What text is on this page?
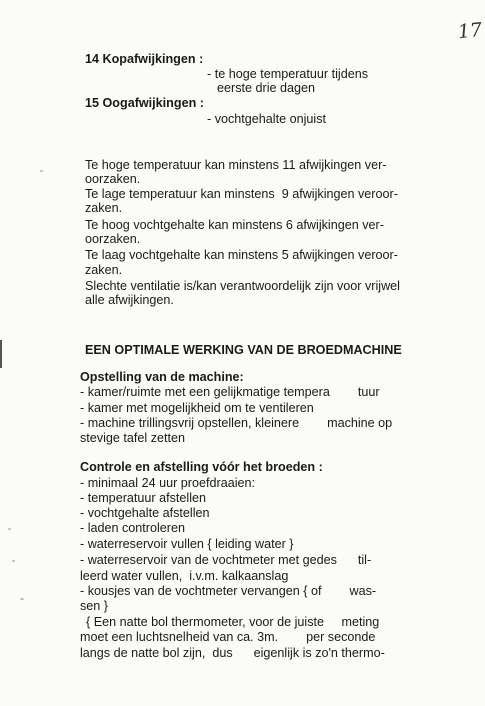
17
14 Kopafwijkingen :
- te hoge temperatuur tijdens
eerste drie dagen
15 Oogafwijkingen :
- vochtgehalte onjuist
Te hoge temperatuur kan minstens 11 afwijkingen ver-
oorzaken.
Te lage temperatuur kan minstens  9 afwijkingen veroor-
zaken.
Te hoog vochtgehalte kan minstens 6 afwijkingen ver-
oorzaken.
Te laag vochtgehalte kan minstens 5 afwijkingen veroor-
zaken.
Slechte ventilatie is/kan verantwoordelijk zijn voor vrijwel
alle afwijkingen.
EEN OPTIMALE WERKING VAN DE BROEDMACHINE
Opstelling van de machine:
- kamer/ruimte met een gelijkmatige tempera        tuur
- kamer met mogelijkheid om te ventileren
- machine trillingsvrij opstellen, kleinere        machine op
stevige tafel zetten
Controle en afstelling vóór het broeden :
- minimaal 24 uur proefdraaien:
- temperatuur afstellen
- vochtgehalte afstellen
- laden controleren
- waterreservoir vullen { leiding water }
- waterreservoir van de vochtmeter met gedes      til-
leerd water vullen,  i.v.m. kalkaanslag
- kousjes van de vochtmeter vervangen { of        was-
sen }
{ Een natte bol thermometer, voor de juiste     meting
moet een luchtsnelheid van ca. 3m.        per seconde
langs de natte bol zijn,  dus      eigenlijk is zo'n thermo-
